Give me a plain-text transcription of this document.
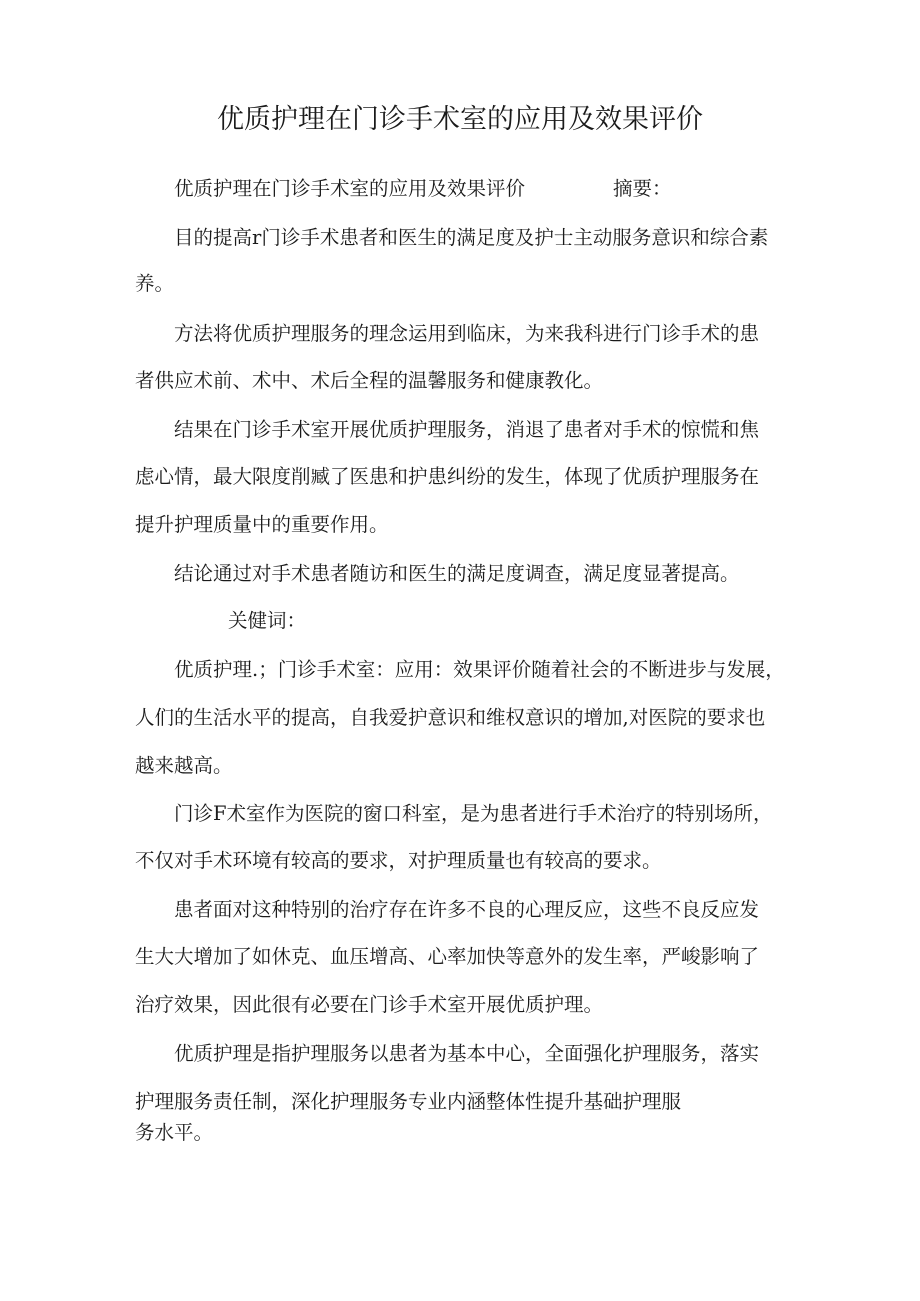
优质护理在门诊手术室的应用及效果评价
优质护理在门诊手术室的应用及效果评价	摘要：
目的提高r门诊手术患者和医生的满足度及护士主动服务意识和综合素
养。
方法将优质护理服务的理念运用到临床，为来我科进行门诊手术的患
者供应术前、术中、术后全程的温馨服务和健康教化。
结果在门诊手术室开展优质护理服务，消退了患者对手术的惊慌和焦
虑心情，最大限度削臧了医患和护患纠纷的发生，体现了优质护理服务在
提升护理质量中的重要作用。
结论通过对手术患者随访和医生的满足度调查，满足度显著提高。
关健词：
优质护理.；门诊手术室：应用：效果评价随着社会的不断进步与发展，
人们的生活水平的提高，自我爱护意识和维权意识的增加,对医院的要求也
越来越高。
门诊F术室作为医院的窗口科室，是为患者进行手术治疗的特别场所，
不仅对手术环境有较高的要求，对护理质量也有较高的要求。
患者面对这种特别的治疗存在许多不良的心理反应，这些不良反应发
生大大增加了如休克、血压增高、心率加快等意外的发生率，严峻影响了
治疗效果，因此很有必要在门诊手术室开展优质护理。
优质护理是指护理服务以患者为基本中心，全面强化护理服务，落实
护理服务责任制，深化护理服务专业内涵整体性提升基础护理服
务水平。
